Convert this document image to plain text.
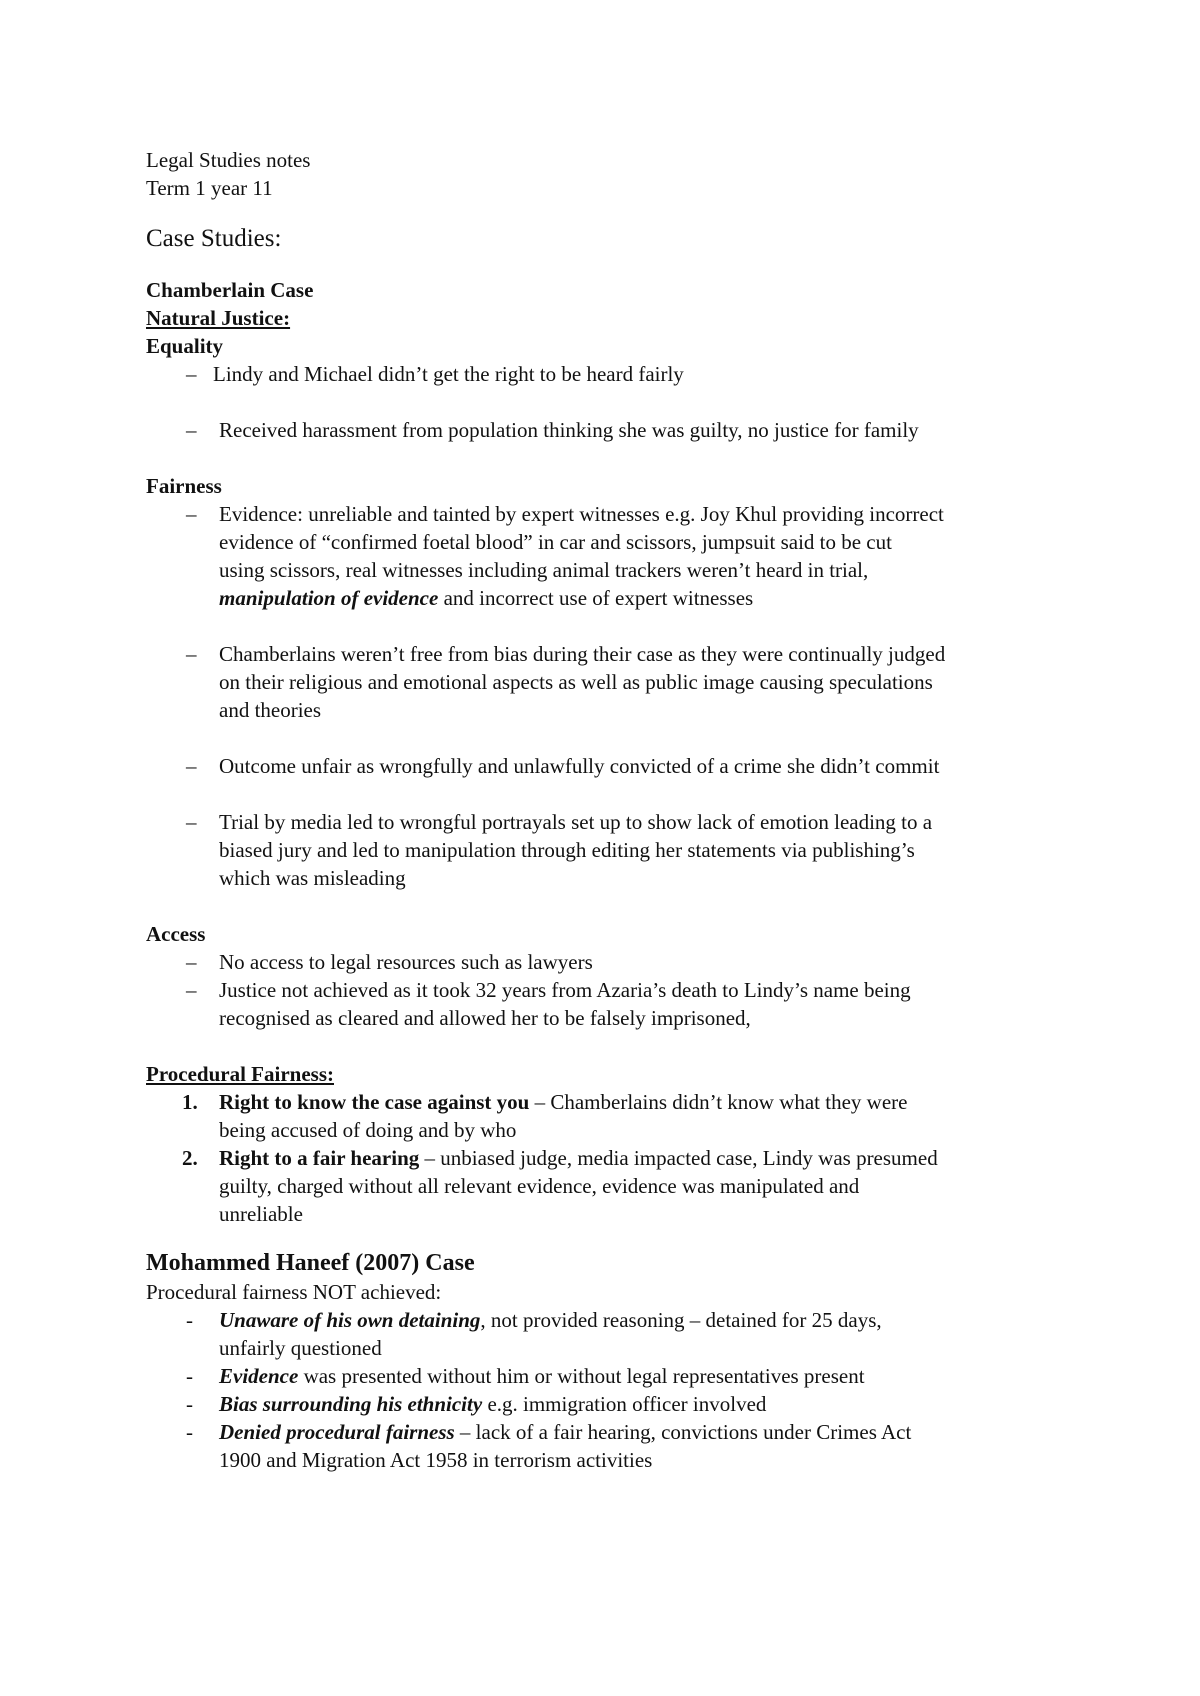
Legal Studies notes

Term 1 year 11

Case Studies:

Chamberlain Case

Natural Justice:

Equality

– Lindy and Michael didn’t get the right to be heard fairly
– Received harassment from population thinking she was guilty, no justice for family

Fairness

– Evidence: unreliable and tainted by expert witnesses e.g. Joy Khul providing incorrect
evidence of “confirmed foetal blood” in car and scissors, jumpsuit said to be cut
using scissors, real witnesses including animal trackers weren’t heard in trial,
manipulation of evidence and incorrect use of expert witnesses
– Chamberlains weren’t free from bias during their case as they were continually judged
on their religious and emotional aspects as well as public image causing speculations
and theories
– Outcome unfair as wrongfully and unlawfully convicted of a crime she didn’t commit
– Trial by media led to wrongful portrayals set up to show lack of emotion leading to a
biased jury and led to manipulation through editing her statements via publishing’s
which was misleading

Access

– No access to legal resources such as lawyers
– Justice not achieved as it took 32 years from Azaria’s death to Lindy’s name being
recognised as cleared and allowed her to be falsely imprisoned,

Procedural Fairness:

1. Right to know the case against you – Chamberlains didn’t know what they were
being accused of doing and by who
2. Right to a fair hearing – unbiased judge, media impacted case, Lindy was presumed
guilty, charged without all relevant evidence, evidence was manipulated and
unreliable

Mohammed Haneef (2007) Case

Procedural fairness NOT achieved:

- Unaware of his own detaining, not provided reasoning – detained for 25 days,
unfairly questioned
- Evidence was presented without him or without legal representatives present
- Bias surrounding his ethnicity e.g. immigration officer involved
- Denied procedural fairness – lack of a fair hearing, convictions under Crimes Act
1900 and Migration Act 1958 in terrorism activities
